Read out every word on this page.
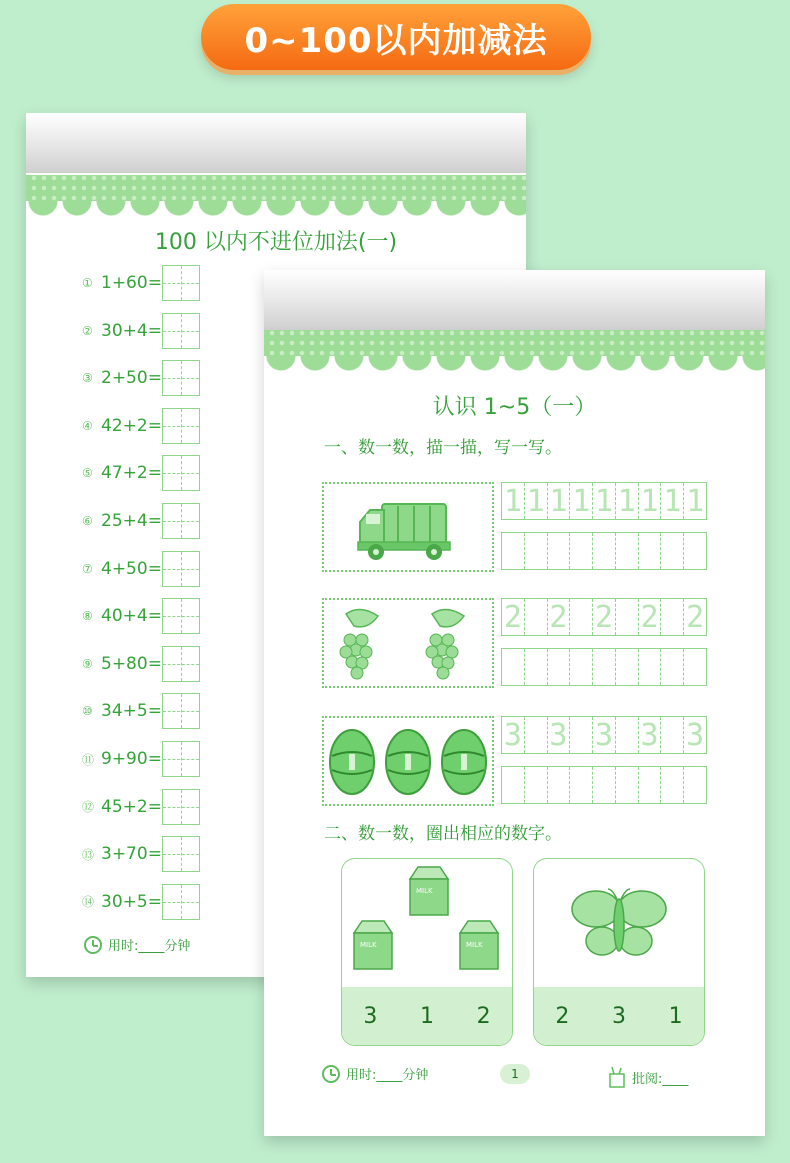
0~100以内加减法
100 以内不进位加法(一)
用时:____分钟
① 1+60=
② 30+4=
③ 2+50=
④ 42+2=
⑤ 47+2=
⑥ 25+4=
⑦ 4+50=
⑧ 40+4=
⑨ 5+80=
⑩ 34+5=
⑪ 9+90=
⑫ 45+2=
⑬ 3+70=
⑭ 30+5=
认识 1~5（一）
一、数一数，描一描，写一写。
1 1 1 1 1 1 1 1 1
2 2 2 2 2
3 3 3 3 3
二、数一数，圈出相应的数字。
MILK
MILK	MILK
3 1 2	2 3 1
用时:____分钟	1	批阅:____
